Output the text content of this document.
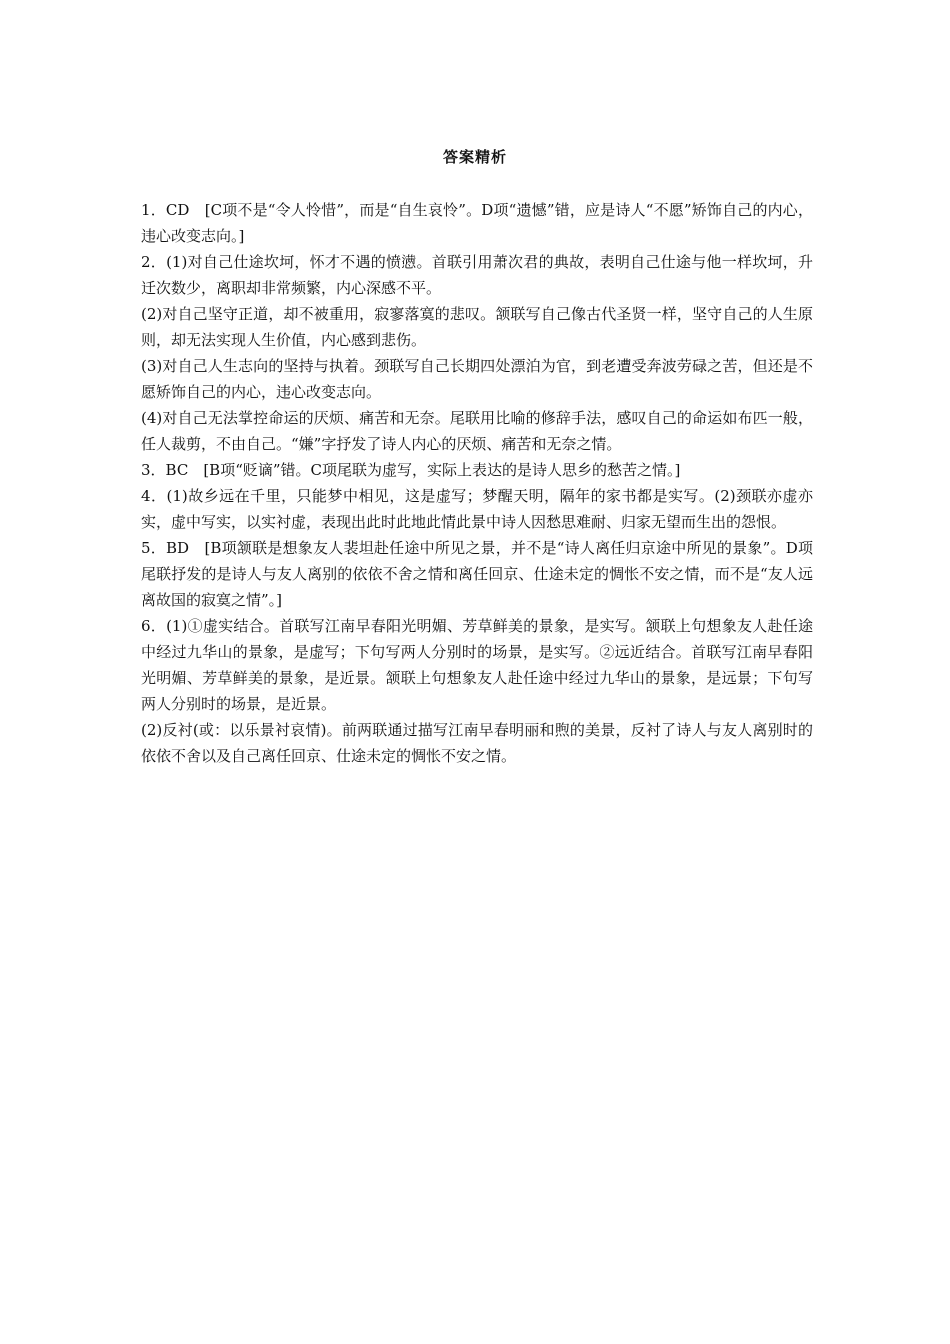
答案精析

1．CD　[C项不是“令人怜惜”，而是“自生哀怜”。D项“遗憾”错，应是诗人“不愿”矫饰自己的内心，违心改变志向。]

2．(1)对自己仕途坎坷，怀才不遇的愤懑。首联引用萧次君的典故，表明自己仕途与他一样坎坷，升迁次数少，离职却非常频繁，内心深感不平。

(2)对自己坚守正道，却不被重用，寂寥落寞的悲叹。颔联写自己像古代圣贤一样，坚守自己的人生原则，却无法实现人生价值，内心感到悲伤。

(3)对自己人生志向的坚持与执着。颈联写自己长期四处漂泊为官，到老遭受奔波劳碌之苦，但还是不愿矫饰自己的内心，违心改变志向。

(4)对自己无法掌控命运的厌烦、痛苦和无奈。尾联用比喻的修辞手法，感叹自己的命运如布匹一般，任人裁剪，不由自己。“嫌”字抒发了诗人内心的厌烦、痛苦和无奈之情。

3．BC　[B项“贬谪”错。C项尾联为虚写，实际上表达的是诗人思乡的愁苦之情。]

4．(1)故乡远在千里，只能梦中相见，这是虚写；梦醒天明，隔年的家书都是实写。(2)颈联亦虚亦实，虚中写实，以实衬虚，表现出此时此地此情此景中诗人因愁思难耐、归家无望而生出的怨恨。

5．BD　[B项颔联是想象友人裴坦赴任途中所见之景，并不是“诗人离任归京途中所见的景象”。D项尾联抒发的是诗人与友人离别的依依不舍之情和离任回京、仕途未定的惆怅不安之情，而不是“友人远离故国的寂寞之情”。]

6．(1)①虚实结合。首联写江南早春阳光明媚、芳草鲜美的景象，是实写。颔联上句想象友人赴任途中经过九华山的景象，是虚写；下句写两人分别时的场景，是实写。②远近结合。首联写江南早春阳光明媚、芳草鲜美的景象，是近景。颔联上句想象友人赴任途中经过九华山的景象，是远景；下句写两人分别时的场景，是近景。

(2)反衬(或：以乐景衬哀情)。前两联通过描写江南早春明丽和煦的美景，反衬了诗人与友人离别时的依依不舍以及自己离任回京、仕途未定的惆怅不安之情。
